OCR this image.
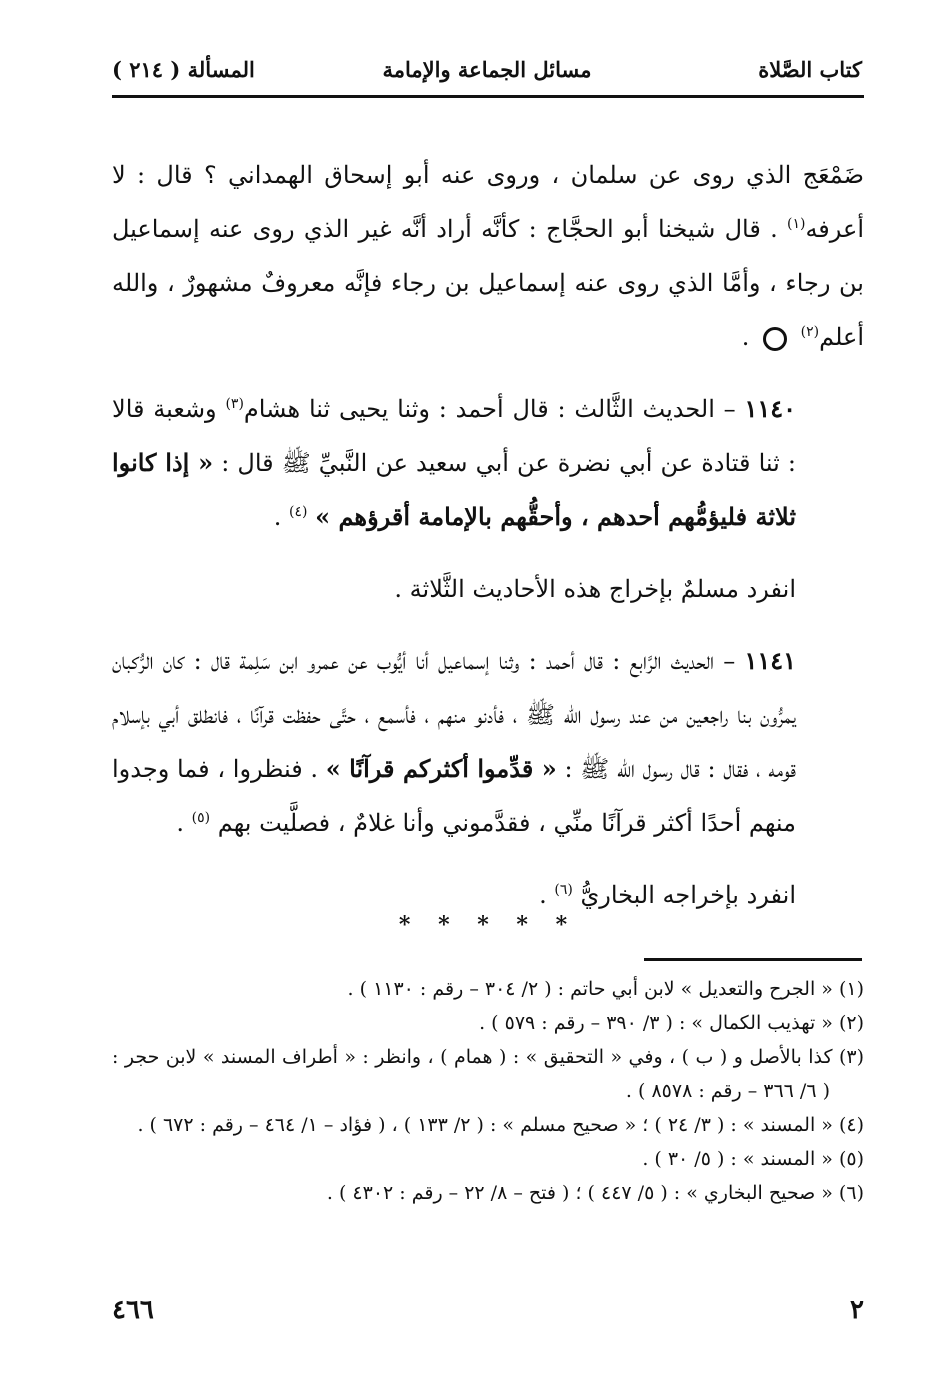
كتاب الصَّلاة
مسائل الجماعة والإمامة
المسألة ( ٢١٤ )

ضَمْعَج الذي روى عن سلمان ، وروى عنه أبو إسحاق الهمداني ؟ قال : لا أعرفه$^{(١)}$ . قال شيخنا أبو الحجَّاج : كأنَّه أراد أنَّه غير الذي روى عنه إسماعيل بن رجاء ، وأمَّا الذي روى عنه إسماعيل بن رجاء فإنَّه معروفٌ مشهورٌ ، والله أعلم$^{(٢)}$  .

١١٤٠ – الحديث الثَّالث : قال أحمد : وثنا يحيى ثنا هشام$^{(٣)}$ وشعبة قالا : ثنا قتادة عن أبي نضرة عن أبي سعيد عن النَّبيِّ ﷺ قال : « إذا كانوا ثلاثة فليؤمُّهم أحدهم ، وأحقُّهم بالإمامة أقرؤهم » $^{(٤)}$ .

انفرد مسلمٌ بإخراج هذه الأحاديث الثَّلاثة .

١١٤١ – الحديث الرَّابع : قال أحمد : وثنا إسماعيل أنا أيُّوب عن عمرو ابن سَلِمة قال : كان الرُّكبان يمرُّون بنا راجعين من عند رسول الله ﷺ ، فأدنو منهم ، فأسمع ، حتَّى حفظت قرآنًا ، فانطلق أبي بإسلام قومه ، فقال : قال رسول الله ﷺ : « قدِّموا أكثركم قرآنًا » . فنظروا ، فما وجدوا منهم أحدًا أكثر قرآنًا منِّي ، فقدَّموني وأنا غلامٌ ، فصلَّيت بهم $^{(٥)}$ .

انفرد بإخراجه البخاريُّ $^{(٦)}$ .

* * * * *

(١) « الجرح والتعديل » لابن أبي حاتم : ( ٢/ ٣٠٤ – رقم : ١١٣٠ ) .

(٢) « تهذيب الكمال » : ( ٣/ ٣٩٠ – رقم : ٥٧٩ ) .

(٣) كذا بالأصل و ( ب ) ، وفي « التحقيق » : ( همام ) ، وانظر : « أطراف المسند » لابن حجر : ( ٦/ ٣٦٦ – رقم : ٨٥٧٨ ) .

(٤) « المسند » : ( ٣/ ٢٤ ) ؛ « صحيح مسلم » : ( ٢/ ١٣٣ ) ، ( فؤاد – ١/ ٤٦٤ – رقم : ٦٧٢ ) .

(٥) « المسند » : ( ٥/ ٣٠ ) .

(٦) « صحيح البخاري » : ( ٥/ ٤٤٧ ) ؛ ( فتح – ٨/ ٢٢ – رقم : ٤٣٠٢ ) .

٢
٤٦٦
